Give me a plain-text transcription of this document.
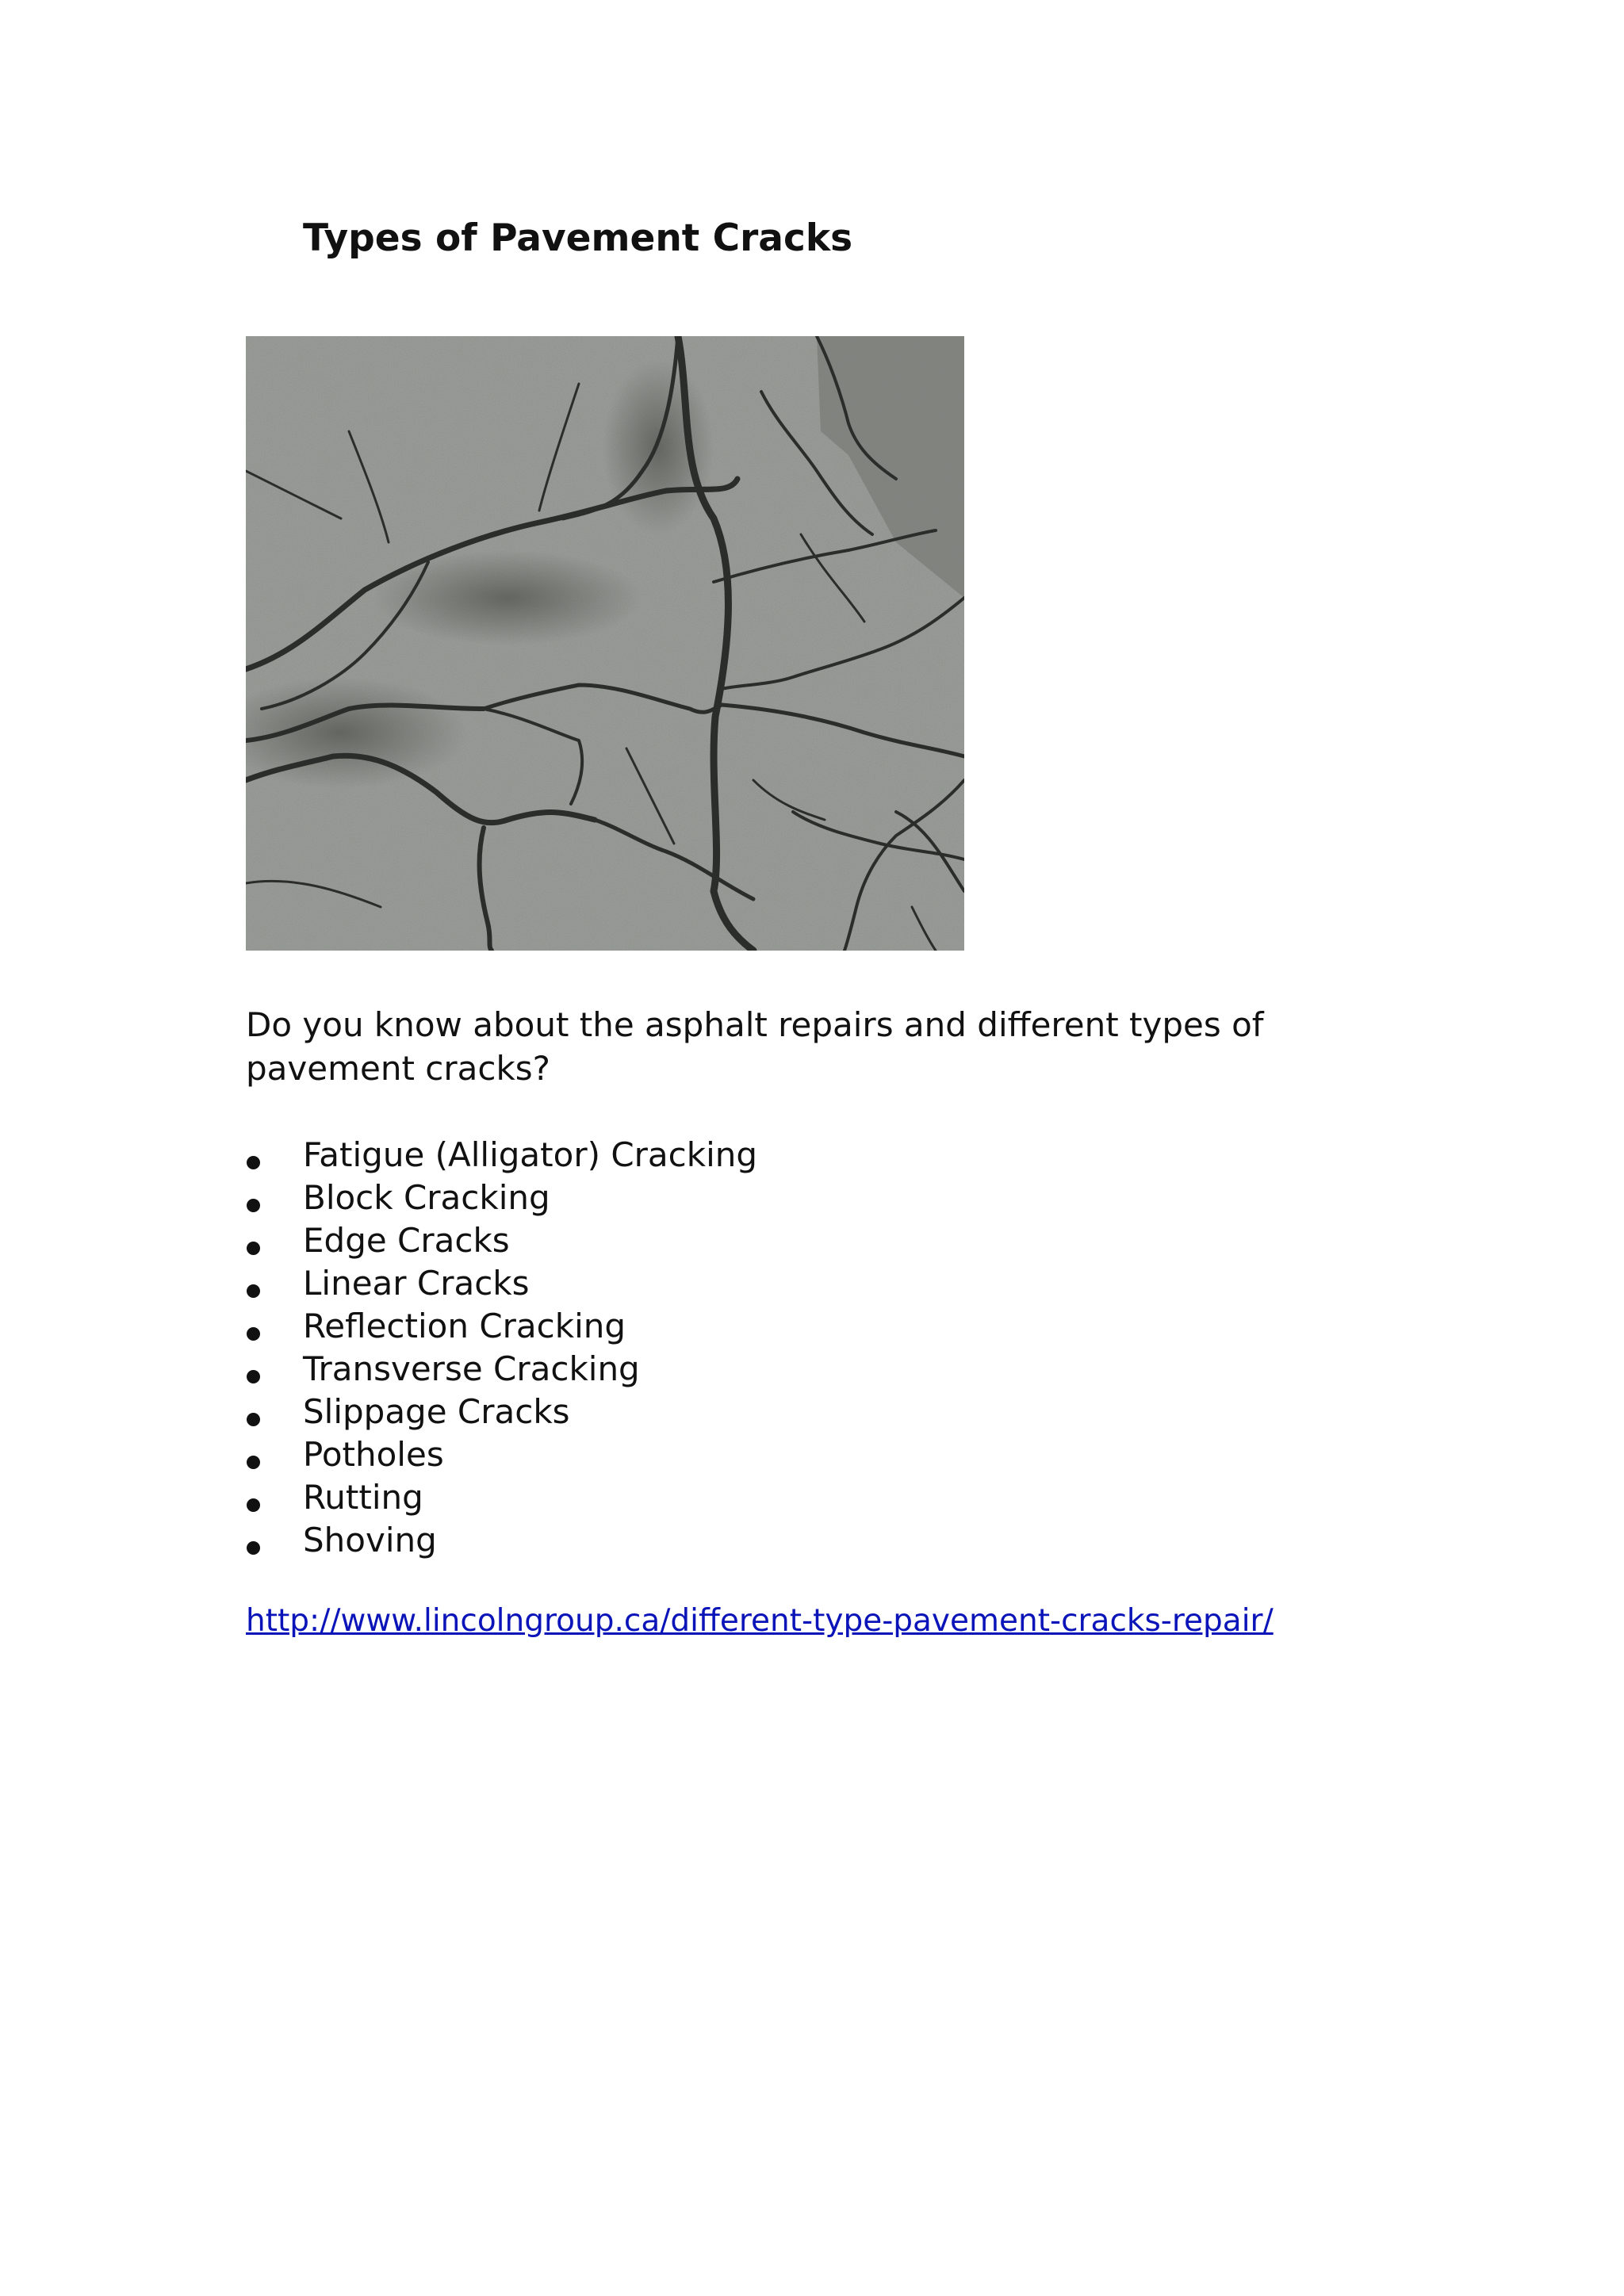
Types of Pavement Cracks

Do you know about the asphalt repairs and different types of pavement cracks?

Fatigue (Alligator) Cracking
Block Cracking
Edge Cracks
Linear Cracks
Reflection Cracking
Transverse Cracking
Slippage Cracks
Potholes
Rutting
Shoving
http://www.lincolngroup.ca/different-type-pavement-cracks-repair/
